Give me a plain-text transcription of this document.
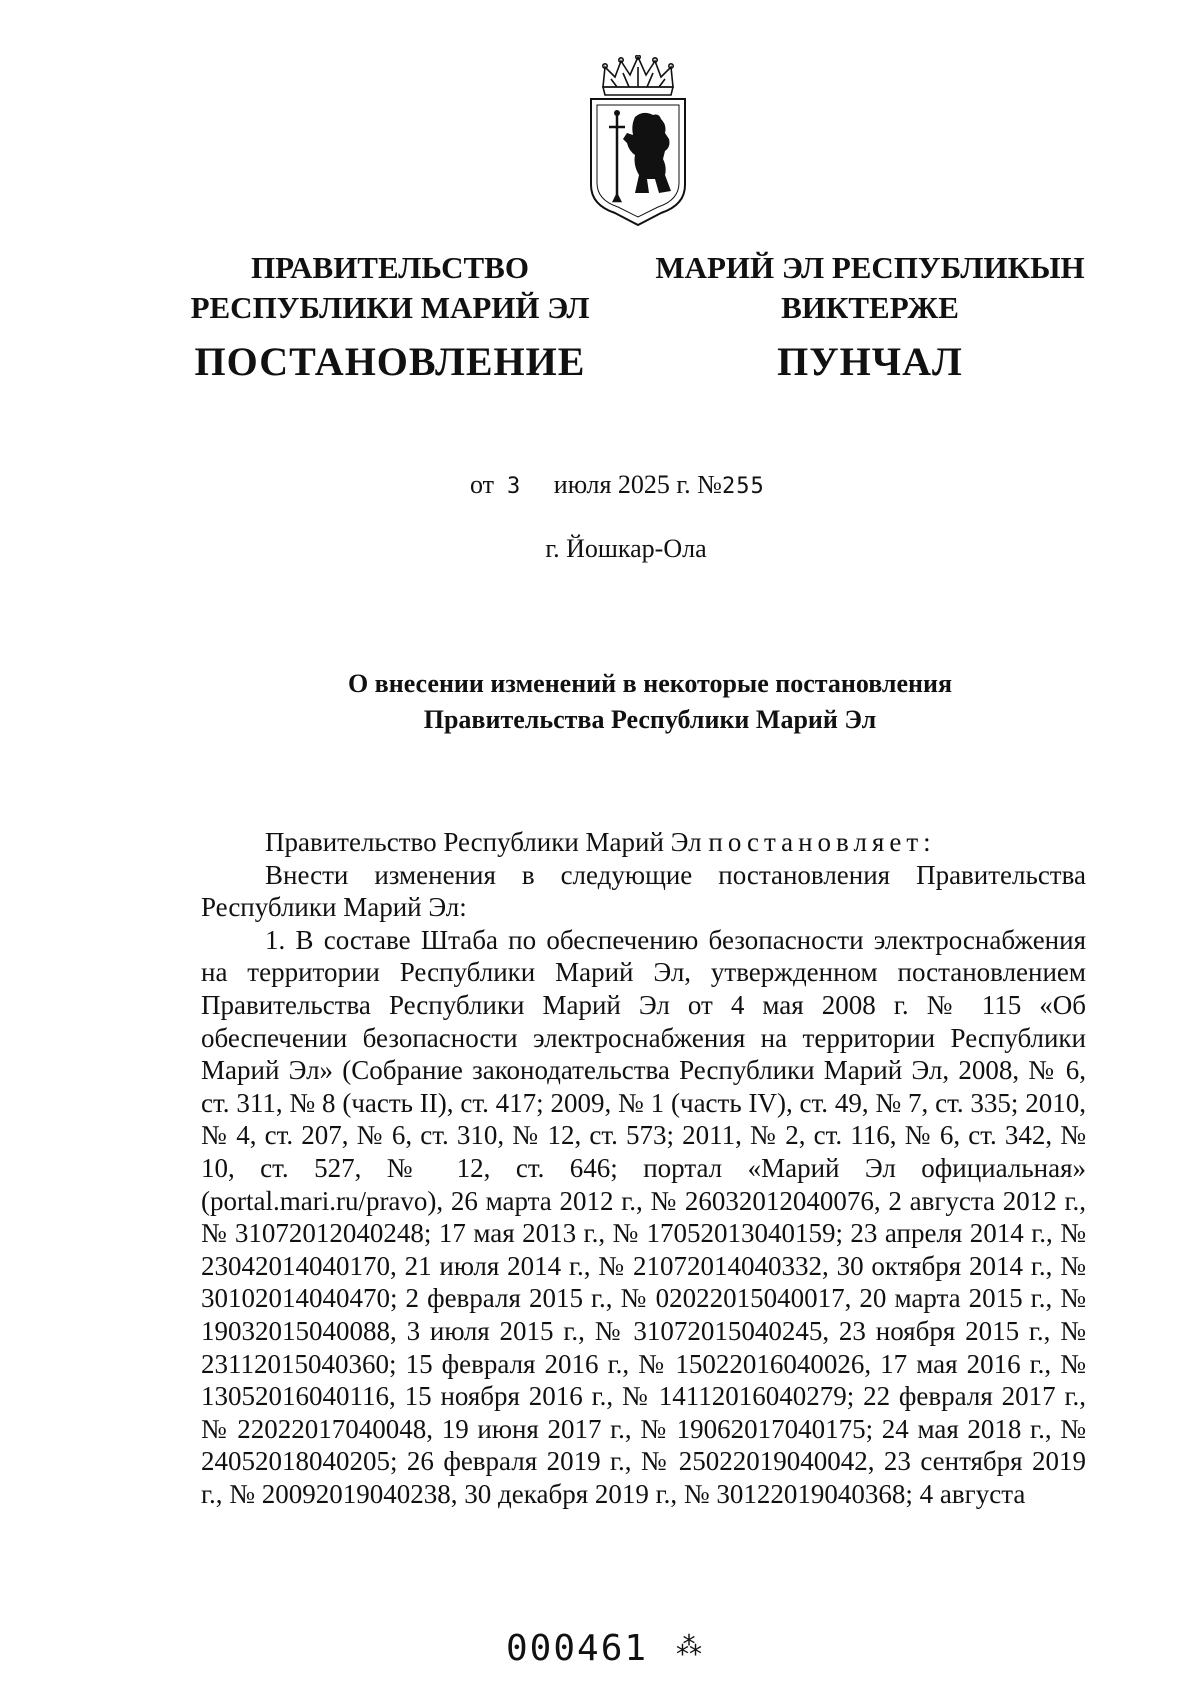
ПРАВИТЕЛЬСТВО
РЕСПУБЛИКИ МАРИЙ ЭЛ
МАРИЙ ЭЛ РЕСПУБЛИКЫН
ВИКТЕРЖЕ
ПОСТАНОВЛЕНИЕ	ПУНЧАЛ
от 3 июля 2025 г. №255
г. Йошкар-Ола
О внесении изменений в некоторые постановления
Правительства Республики Марий Эл

Правительство Республики Марий Эл постановляет:

Внести изменения в следующие постановления Правительства Республики Марий Эл:

1. В составе Штаба по обеспечению безопасности электроснабжения на территории Республики Марий Эл, утвержденном постановлением Правительства Республики Марий Эл от 4 мая 2008 г. № 115 «Об обеспечении безопасности электроснабжения на территории Республики Марий Эл» (Собрание законодательства Республики Марий Эл, 2008, № 6, ст. 311, № 8 (часть II), ст. 417; 2009, № 1 (часть IV), ст. 49, № 7, ст. 335; 2010, № 4, ст. 207, № 6, ст. 310, № 12, ст. 573; 2011, № 2, ст. 116, № 6, ст. 342, № 10, ст. 527, № 12, ст. 646; портал «Марий Эл официальная» (portal.mari.ru/pravo), 26 марта 2012 г., № 26032012040076, 2 августа 2012 г., № 31072012040248; 17 мая 2013 г., № 17052013040159; 23 апреля 2014 г., № 23042014040170, 21 июля 2014 г., № 21072014040332, 30 октября 2014 г., № 30102014040470; 2 февраля 2015 г., № 02022015040017, 20 марта 2015 г., № 19032015040088, 3 июля 2015 г., № 31072015040245, 23 ноября 2015 г., № 23112015040360; 15 февраля 2016 г., № 15022016040026, 17 мая 2016 г., № 13052016040116, 15 ноября 2016 г., № 14112016040279; 22 февраля 2017 г., № 22022017040048, 19 июня 2017 г., № 19062017040175; 24 мая 2018 г., № 24052018040205; 26 февраля 2019 г., № 25022019040042, 23 сентября 2019 г., № 20092019040238, 30 декабря 2019 г., № 30122019040368; 4 августа

000461 ⁂
